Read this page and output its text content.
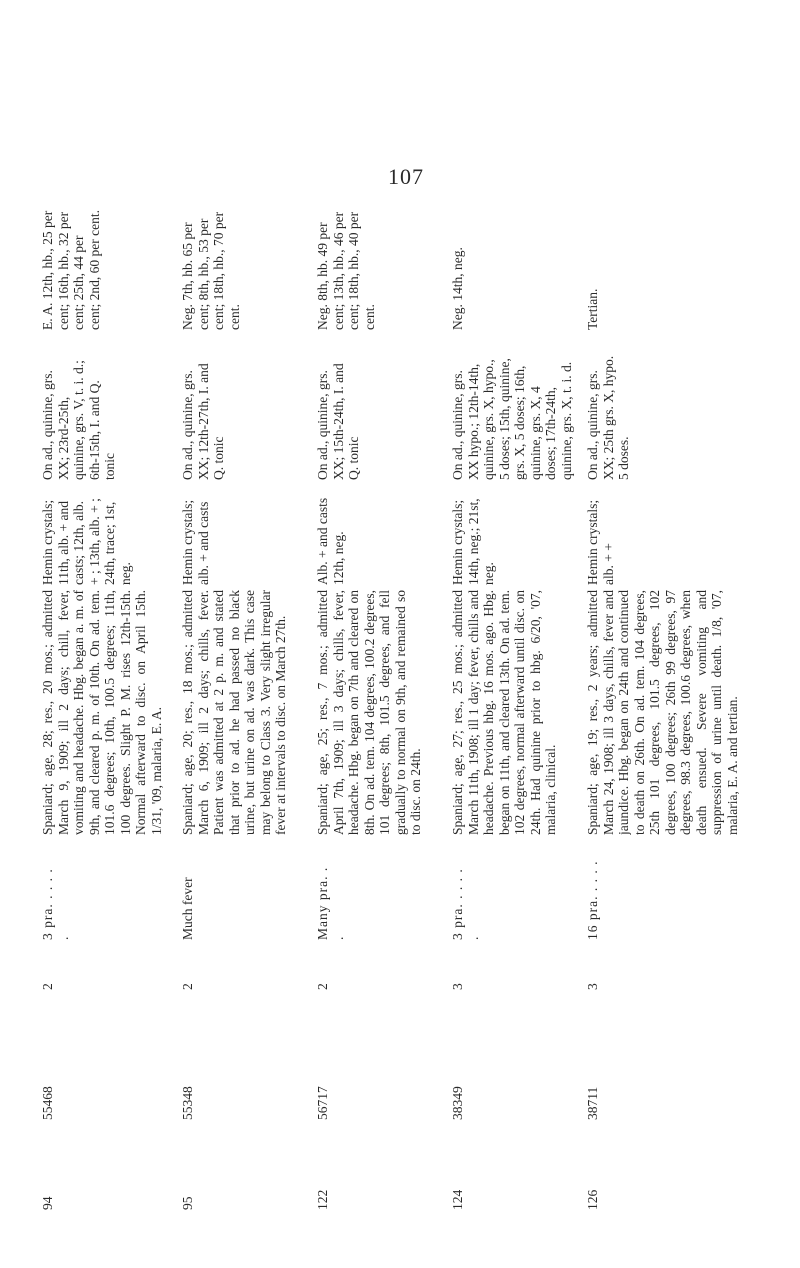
107
94
55468
2
3 pra. . . . . .
Spaniard; age, 28; res., 20 mos.; admitted March 9, 1909; ill 2 days; chill, fever, vomiting and headache. Hbg. began a. m. of 9th, and cleared p. m. of 10th. On ad. tem. 101.6 degrees; 10th, 100.5 degrees; 11th, 100 degrees. Slight P. M. rises 12th-15th. Normal afterward to disc. on April 15th. 1/31, '09, malaria, E. A.
Hemin crystals; 11th, alb. + and casts; 12th, alb. + ; 13th, alb. + ; 24th, trace; 1st, neg.
On ad., quinine, grs. XX; 23rd-25th, quinine, grs. V, t. i. d.; 6th-15th, I. and Q. tonic
E. A. 12th, hb., 25 per cent; 16th, hb., 32 per cent; 25th, 44 per cent; 2nd, 60 per cent.
95
55348
2
Much fever
Spaniard; age, 20; res., 18 mos.; admitted March 6, 1909; ill 2 days; chills, fever. Patient was admitted at 2 p. m. and stated that prior to ad. he had passed no black urine, but urine on ad. was dark. This case may belong to Class 3. Very slight irregular fever at intervals to disc. on March 27th.
Hemin crystals; alb. + and casts
On ad., quinine, grs. XX; 12th-27th, I. and Q. tonic
Neg. 7th, hb. 65 per cent; 8th, hb., 53 per cent; 18th, hb., 70 per cent.
122
56717
2
Many pra. . .
Spaniard; age, 25; res., 7 mos.; admitted April 7th, 1909; ill 3 days; chills, fever, headache. Hbg. began on 7th and cleared on 8th. On ad. tem. 104 degrees, 100.2 degrees, 101 degrees; 8th, 101.5 degrees, and fell gradually to normal on 9th, and remained so to disc. on 24th.
Alb. + and casts 12th, neg.
On ad., quinine, grs. XX; 15th-24th, I. and Q. tonic
Neg. 8th, hb. 49 per cent; 13th, hb., 46 per cent; 18th, hb., 40 per cent.
124
38349
3
3 pra. . . . . .
Spaniard; age, 27; res., 25 mos.; admitted March 11th, 1908; ill 1 day; fever, chills and headache. Previous hbg. 16 mos. ago. Hbg. began on 11th, and cleared 13th. On ad. tem. 102 degrees, normal afterward until disc. on 24th. Had quinine prior to hbg. 6/20, '07, malaria, clinical.
Hemin crystals; 14th, neg.; 21st, neg.
On ad., quinine, grs. XX hypo.; 12th-14th, quinine, grs. X, hypo., 5 doses; 15th, quinine, grs. X, 5 doses; 16th, quinine, grs. X, 4 doses; 17th-24th, quinine, grs. X, t. i. d.
Neg. 14th, neg.
126
38711
3
16 pra. . . . .
Spaniard; age, 19; res., 2 years; admitted March 24, 1908; ill 3 days, chills, fever and jaundice. Hbg. began on 24th and continued to death on 26th. On ad. tem. 104 degrees, 25th 101 degrees, 101.5 degrees, 102 degrees, 100 degrees; 26th 99 degrees, 97 degrees, 98.3 degrees, 100.6 degrees, when death ensued. Severe vomiting and suppression of urine until death. 1/8, '07, malaria, E. A. and tertian.
Hemin crystals; alb. + +
On ad., quinine, grs. XX; 25th grs. X, hypo. 5 doses.
Tertian.
